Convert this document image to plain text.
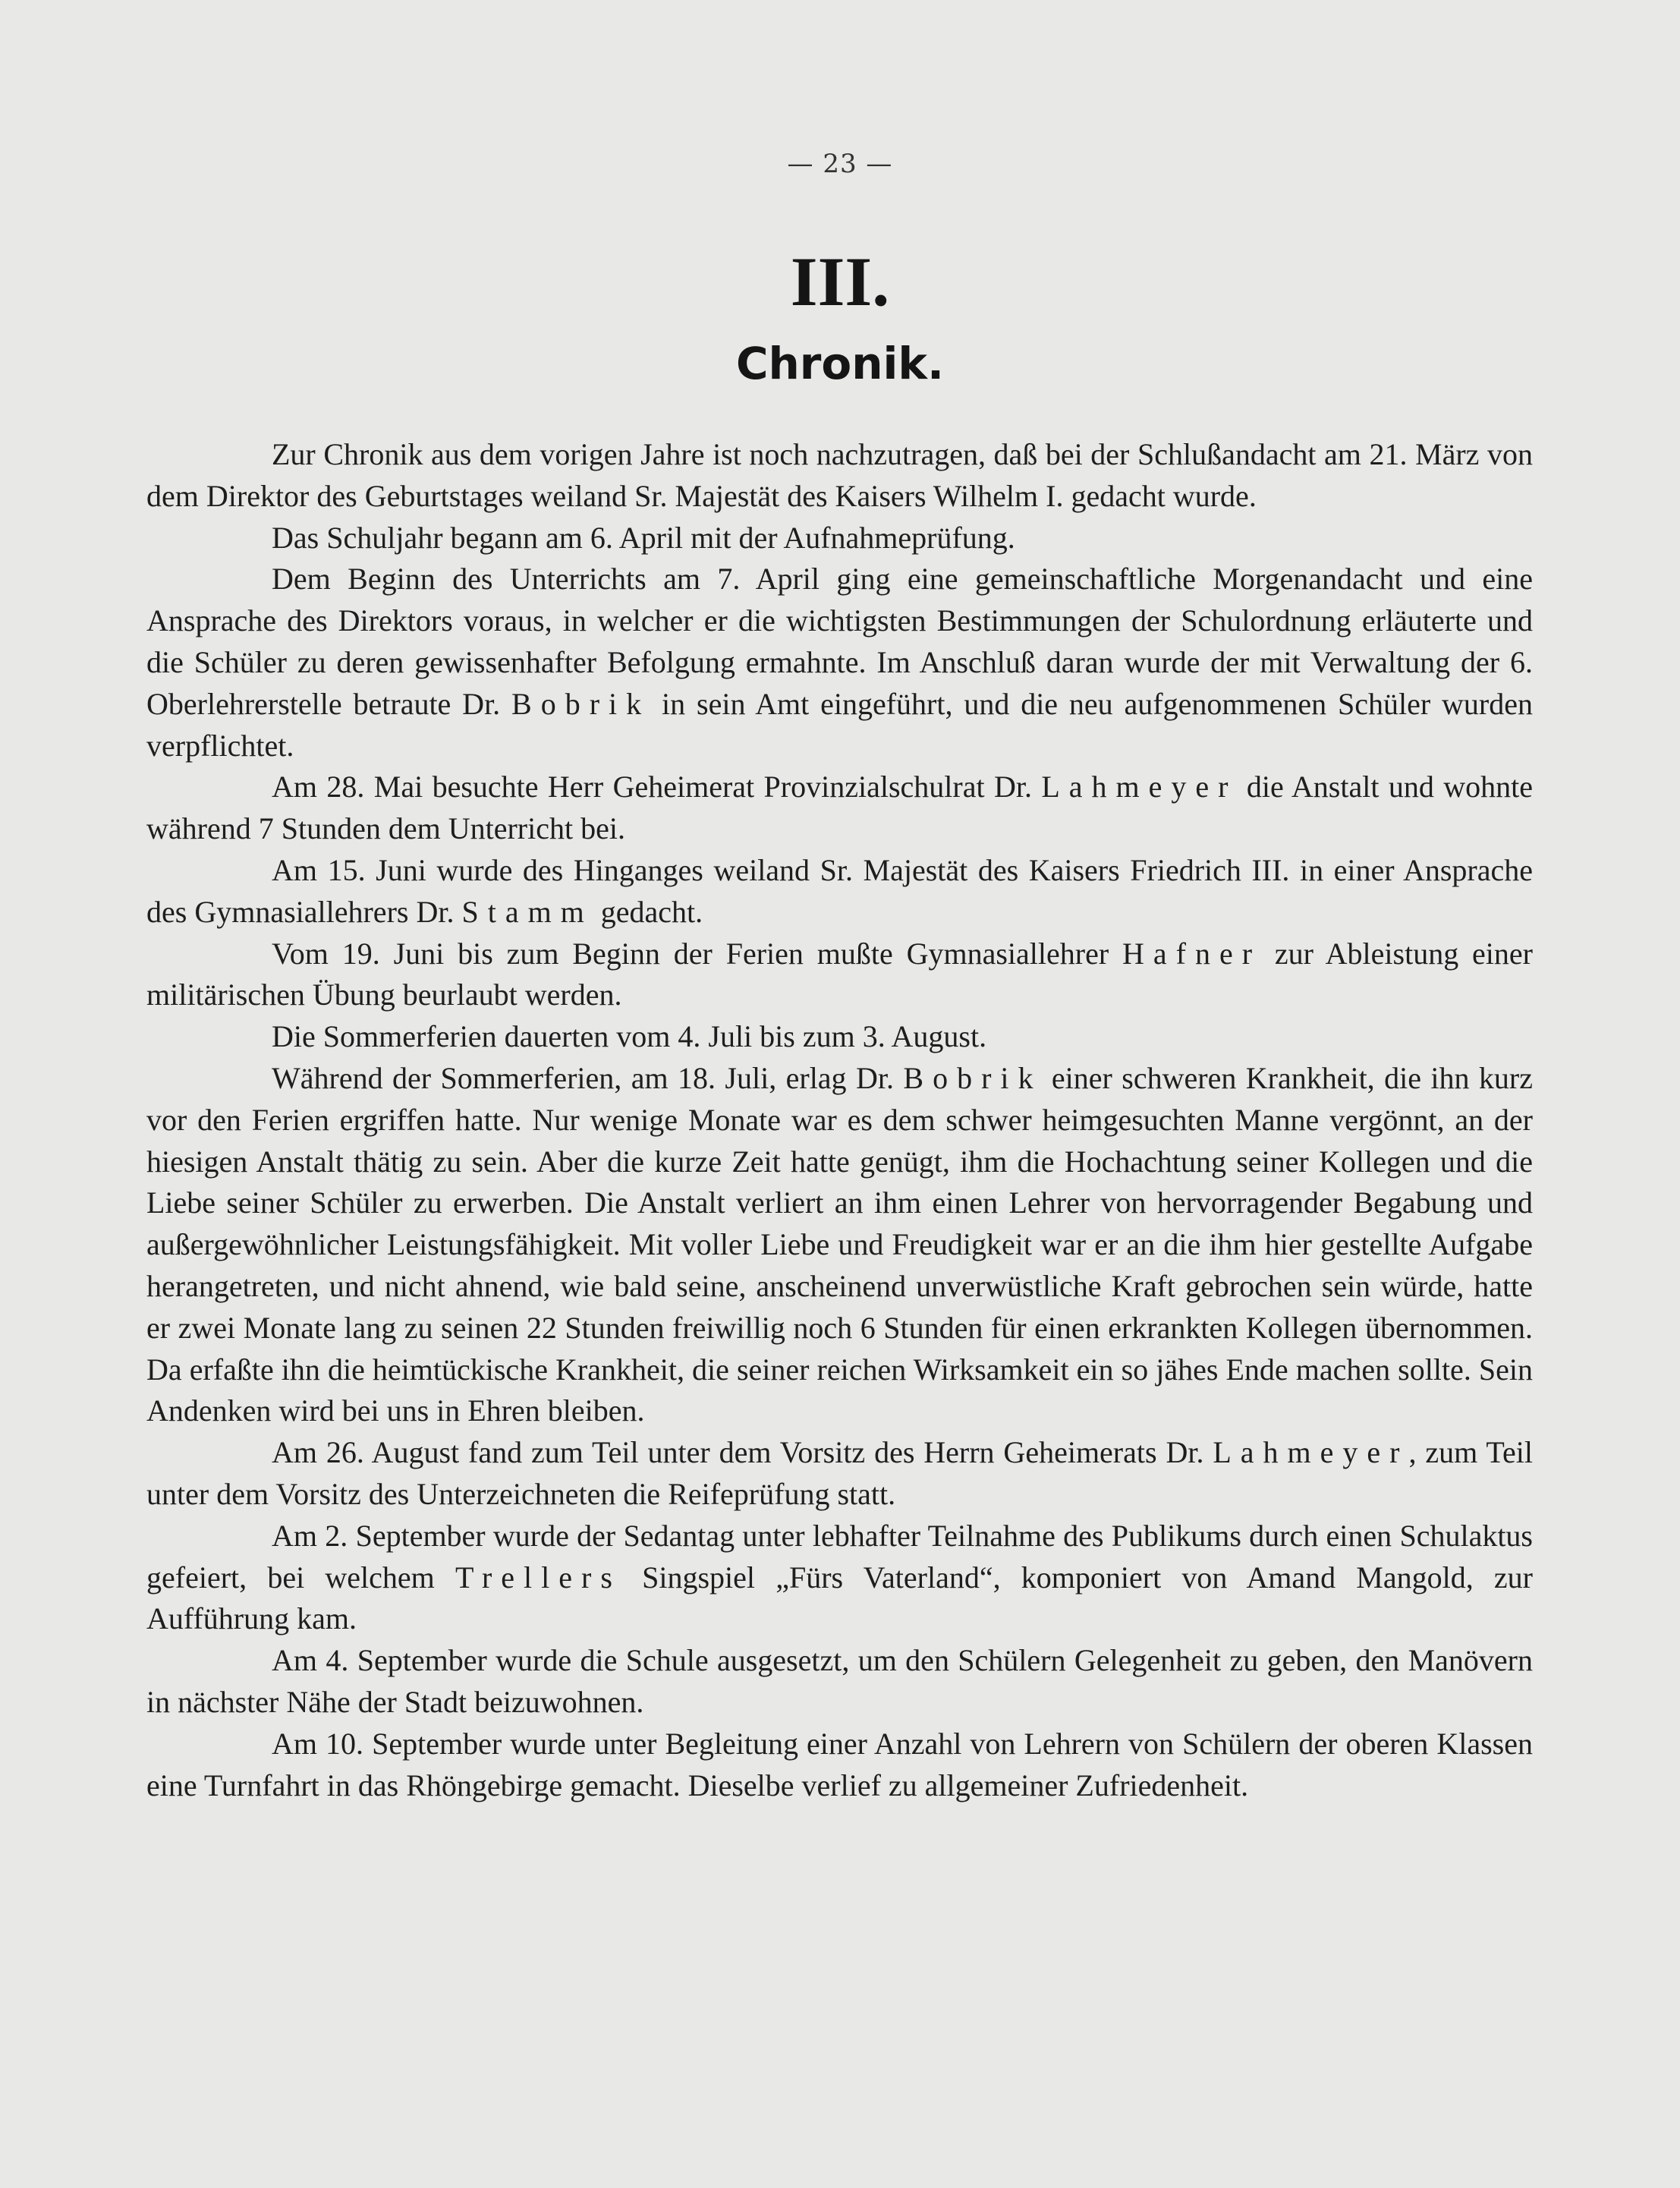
— 23 —
III.
Chronik.

Zur Chronik aus dem vorigen Jahre ist noch nachzutragen, daß bei der Schlußandacht am 21. März von dem Direktor des Geburtstages weiland Sr. Majestät des Kaisers Wilhelm I. gedacht wurde.

Das Schuljahr begann am 6. April mit der Aufnahmeprüfung.

Dem Beginn des Unterrichts am 7. April ging eine gemeinschaftliche Morgenandacht und eine Ansprache des Direktors voraus, in welcher er die wichtigsten Bestimmungen der Schulordnung erläuterte und die Schüler zu deren gewissenhafter Befolgung ermahnte. Im Anschluß daran wurde der mit Verwaltung der 6. Oberlehrerstelle betraute Dr. Bobrik in sein Amt eingeführt, und die neu aufgenommenen Schüler wurden verpflichtet.

Am 28. Mai besuchte Herr Geheimerat Provinzialschulrat Dr. Lahmeyer die Anstalt und wohnte während 7 Stunden dem Unterricht bei.

Am 15. Juni wurde des Hinganges weiland Sr. Majestät des Kaisers Friedrich III. in einer Ansprache des Gymnasiallehrers Dr. Stamm gedacht.

Vom 19. Juni bis zum Beginn der Ferien mußte Gymnasiallehrer Hafner zur Ableistung einer militärischen Übung beurlaubt werden.

Die Sommerferien dauerten vom 4. Juli bis zum 3. August.

Während der Sommerferien, am 18. Juli, erlag Dr. Bobrik einer schweren Krankheit, die ihn kurz vor den Ferien ergriffen hatte. Nur wenige Monate war es dem schwer heimgesuchten Manne vergönnt, an der hiesigen Anstalt thätig zu sein. Aber die kurze Zeit hatte genügt, ihm die Hochachtung seiner Kollegen und die Liebe seiner Schüler zu erwerben. Die Anstalt verliert an ihm einen Lehrer von hervorragender Begabung und außergewöhnlicher Leistungsfähigkeit. Mit voller Liebe und Freudigkeit war er an die ihm hier gestellte Aufgabe herangetreten, und nicht ahnend, wie bald seine, anscheinend unverwüstliche Kraft gebrochen sein würde, hatte er zwei Monate lang zu seinen 22 Stunden freiwillig noch 6 Stunden für einen erkrankten Kollegen übernommen. Da erfaßte ihn die heimtückische Krankheit, die seiner reichen Wirksamkeit ein so jähes Ende machen sollte. Sein Andenken wird bei uns in Ehren bleiben.

Am 26. August fand zum Teil unter dem Vorsitz des Herrn Geheimerats Dr. Lahmeyer, zum Teil unter dem Vorsitz des Unterzeichneten die Reifeprüfung statt.

Am 2. September wurde der Sedantag unter lebhafter Teilnahme des Publikums durch einen Schulaktus gefeiert, bei welchem Trellers Singspiel „Fürs Vaterland“, komponiert von Amand Mangold, zur Aufführung kam.

Am 4. September wurde die Schule ausgesetzt, um den Schülern Gelegenheit zu geben, den Manövern in nächster Nähe der Stadt beizuwohnen.

Am 10. September wurde unter Begleitung einer Anzahl von Lehrern von Schülern der oberen Klassen eine Turnfahrt in das Rhöngebirge gemacht. Dieselbe verlief zu allgemeiner Zufriedenheit.
